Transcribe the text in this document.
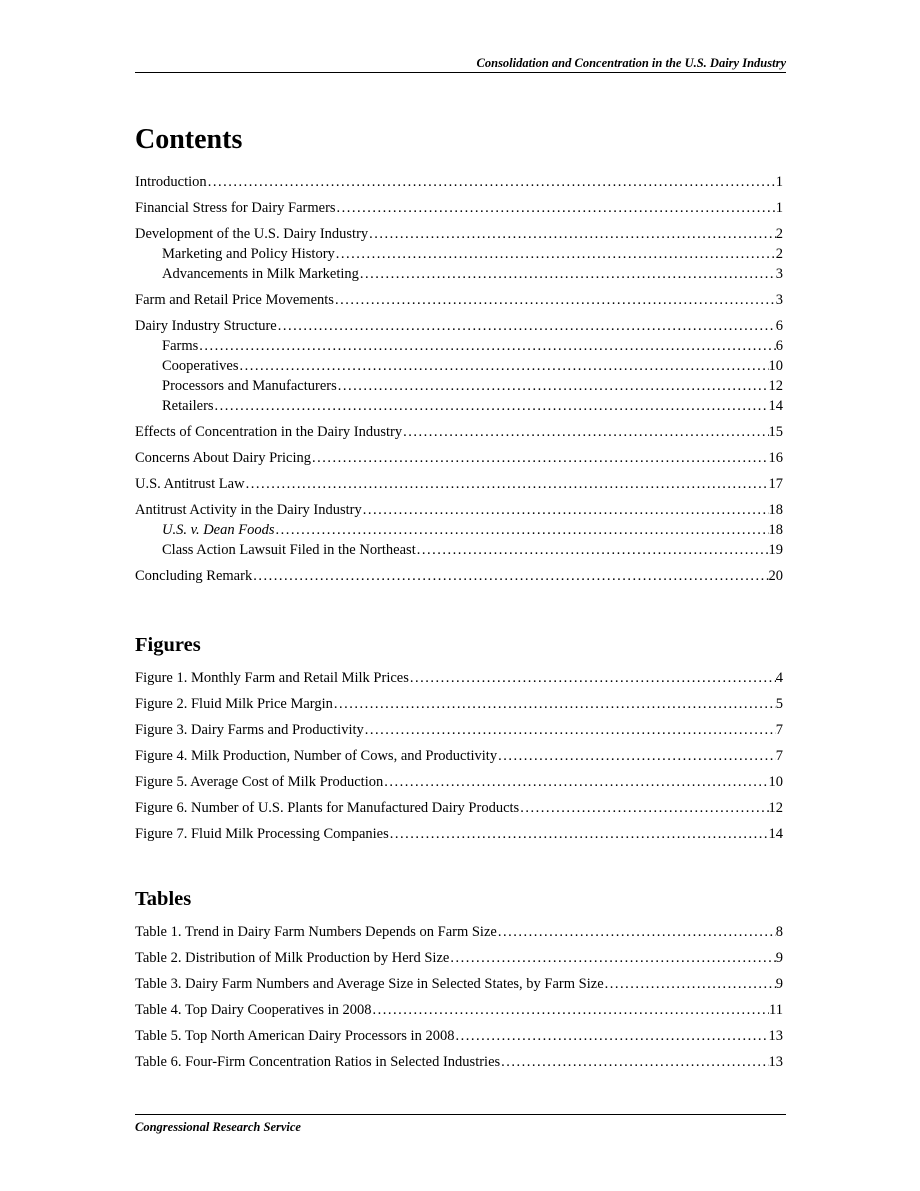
Consolidation and Concentration in the U.S. Dairy Industry
Contents
Introduction .....	1
Financial Stress for Dairy Farmers .....	1
Development of the U.S. Dairy Industry .....	2
Marketing and Policy History .....	2
Advancements in Milk Marketing .....	3
Farm and Retail Price Movements .....	3
Dairy Industry Structure .....	6
Farms .....	6
Cooperatives .....	10
Processors and Manufacturers .....	12
Retailers .....	14
Effects of Concentration in the Dairy Industry .....	15
Concerns About Dairy Pricing .....	16
U.S. Antitrust Law .....	17
Antitrust Activity in the Dairy Industry .....	18
U.S. v. Dean Foods .....	18
Class Action Lawsuit Filed in the Northeast .....	19
Concluding Remark .....	20
Figures
Figure 1. Monthly Farm and Retail Milk Prices .....	4
Figure 2. Fluid Milk Price Margin .....	5
Figure 3. Dairy Farms and Productivity .....	7
Figure 4. Milk Production, Number of Cows, and Productivity .....	7
Figure 5. Average Cost of Milk Production .....	10
Figure 6. Number of U.S. Plants for Manufactured Dairy Products .....	12
Figure 7. Fluid Milk Processing Companies .....	14
Tables
Table 1. Trend in Dairy Farm Numbers Depends on Farm Size .....	8
Table 2. Distribution of Milk Production by Herd Size .....	9
Table 3. Dairy Farm Numbers and Average Size in Selected States, by Farm Size .....	9
Table 4. Top Dairy Cooperatives in 2008 .....	11
Table 5. Top North American Dairy Processors in 2008 .....	13
Table 6. Four-Firm Concentration Ratios in Selected Industries .....	13
Congressional Research Service
